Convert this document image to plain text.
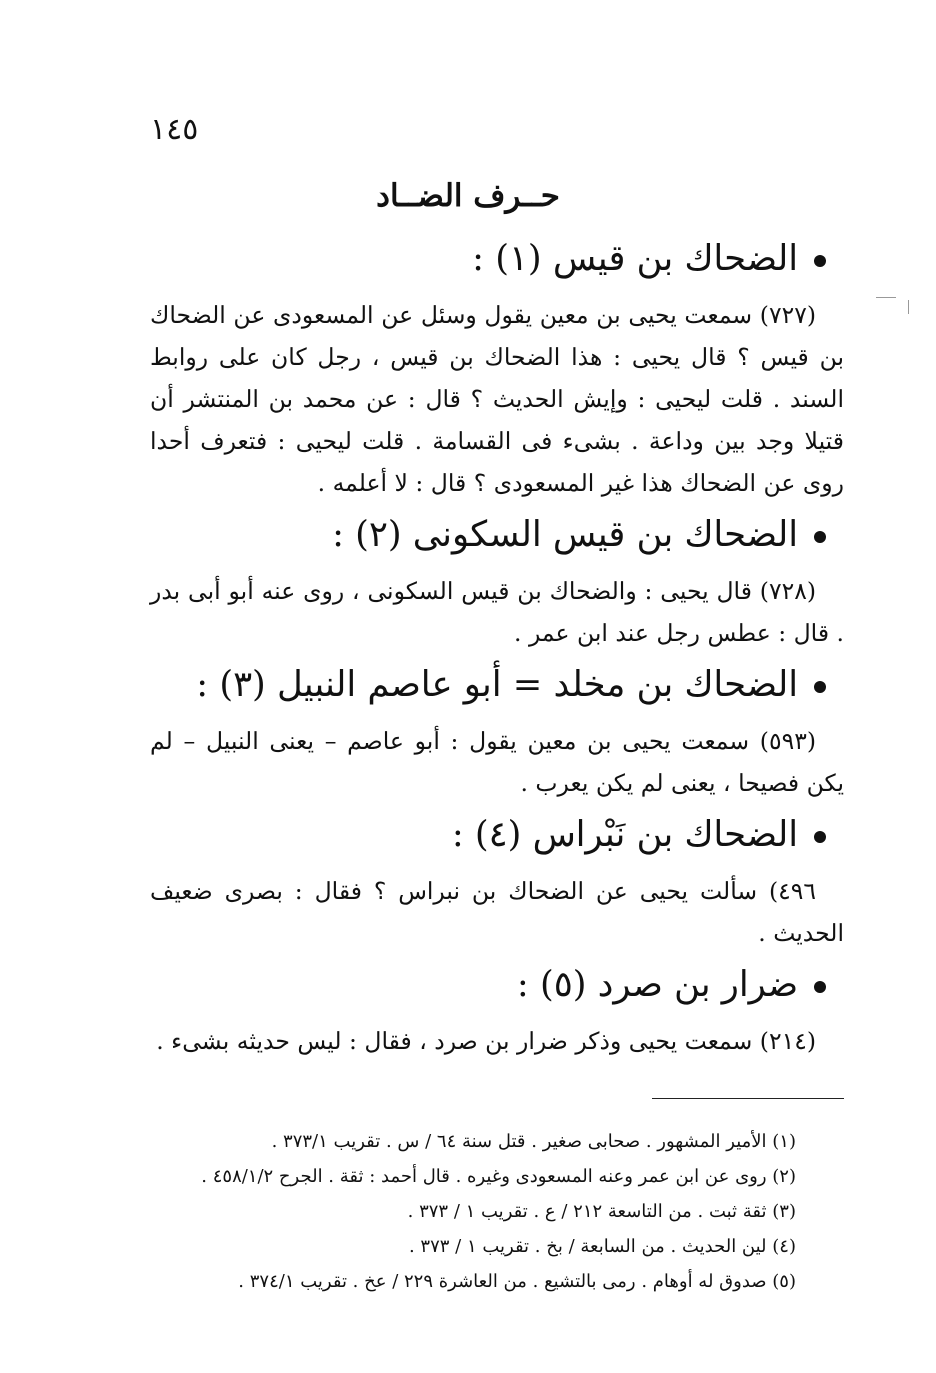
١٤٥
حــرف الضــاد
الضحاك بن قيس (١) :

(٧٢٧) سمعت يحيى بن معين يقول وسئل عن المسعودى عن الضحاك بن قيس ؟ قال يحيى : هذا الضحاك بن قيس ، رجل كان على روابط السند . قلت ليحيى : وإيش الحديث ؟ قال : عن محمد بن المنتشر أن قتيلا وجد بين وداعة . بشىء فى القسامة . قلت ليحيى : فتعرف أحدا روى عن الضحاك هذا غير المسعودى ؟ قال : لا أعلمه .

الضحاك بن قيس السكونى (٢) :

(٧٢٨) قال يحيى : والضحاك بن قيس السكونى ، روى عنه أبو أبى بدر . قال : عطس رجل عند ابن عمر .

الضحاك بن مخلد = أبو عاصم النبيل (٣) :

(٥٩٣) سمعت يحيى بن معين يقول : أبو عاصم – يعنى النبيل – لم يكن فصيحا ، يعنى لم يكن يعرب .

الضحاك بن نَبْراس (٤) :

٤٩٦) سألت يحيى عن الضحاك بن نبراس ؟ فقال : بصرى ضعيف الحديث .

ضرار بن صرد (٥) :

(٢١٤) سمعت يحيى وذكر ضرار بن صرد ، فقال : ليس حديثه بشىء .

(١) الأمير المشهور . صحابى صغير . قتل سنة ٦٤ / س . تقريب ٣٧٣/١ .
(٢) روى عن ابن عمر وعنه المسعودى وغيره . قال أحمد : ثقة . الجرح ٤٥٨/١/٢ .
(٣) ثقة ثبت . من التاسعة ٢١٢ / ع . تقريب ١ / ٣٧٣ .
(٤) لين الحديث . من السابعة / بخ . تقريب ١ / ٣٧٣ .
(٥) صدوق له أوهام . رمى بالتشيع . من العاشرة ٢٢٩ / عخ . تقريب ٣٧٤/١ .
